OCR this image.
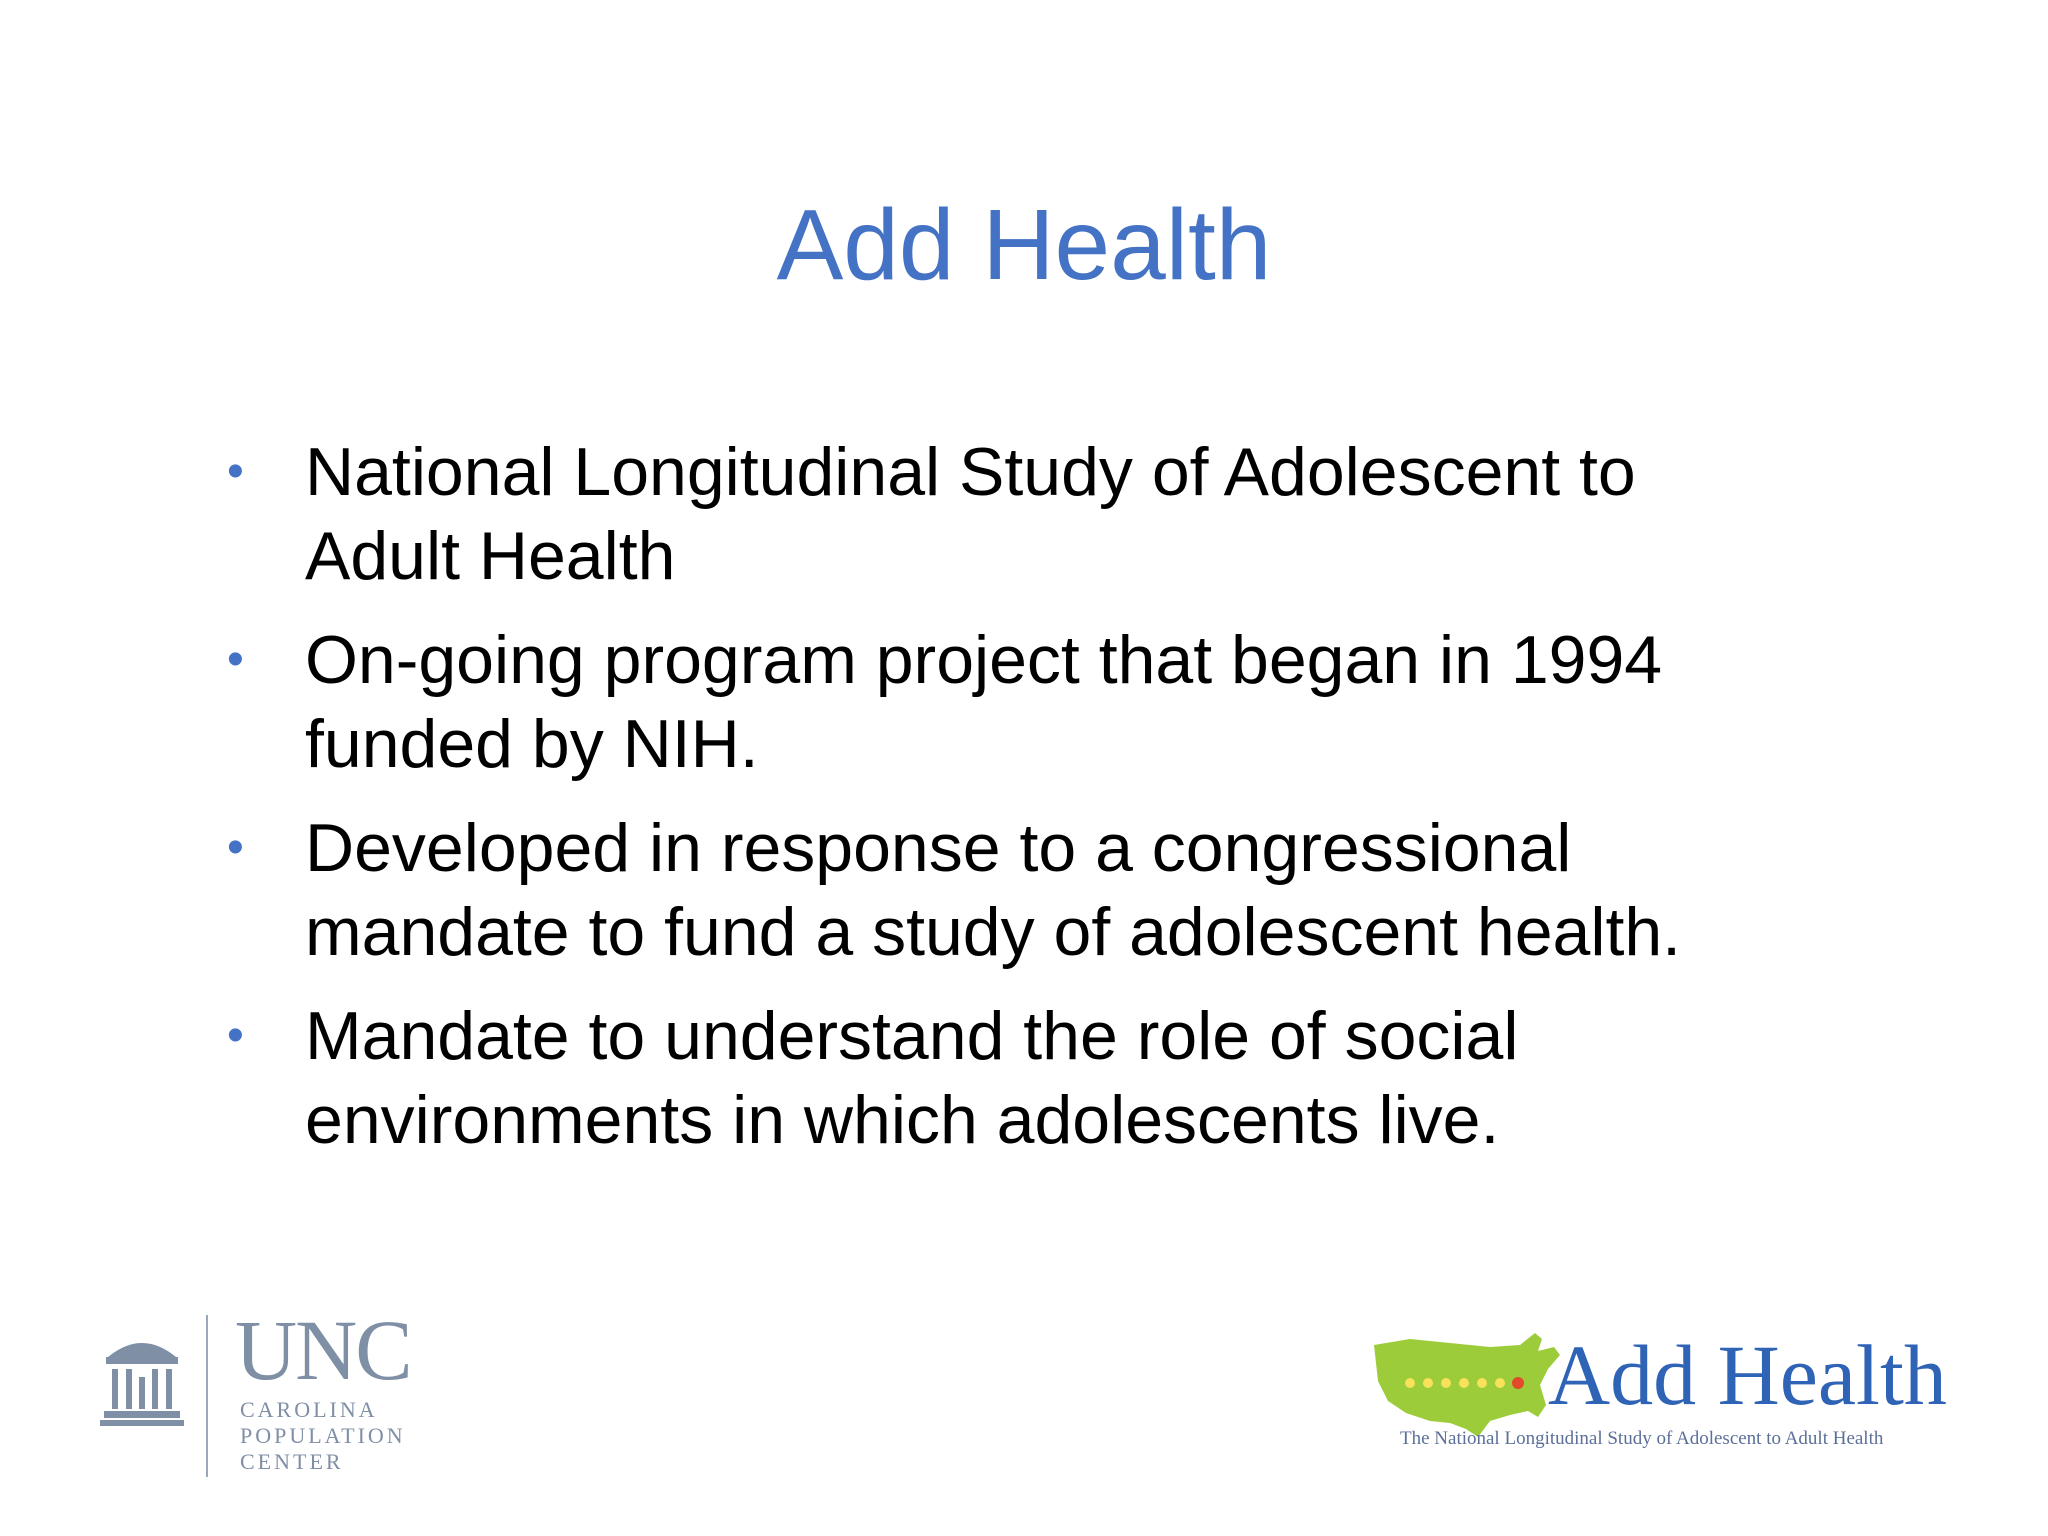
Add Health
• National Longitudinal Study of Adolescent to Adult Health
• On-going program project that began in 1994 funded by NIH.
• Developed in response to a congressional mandate to fund a study of adolescent health.
• Mandate to understand the role of social environments in which adolescents live.
UNC
CAROLINA
POPULATION
CENTER
Add Health
The National Longitudinal Study of Adolescent to Adult Health
